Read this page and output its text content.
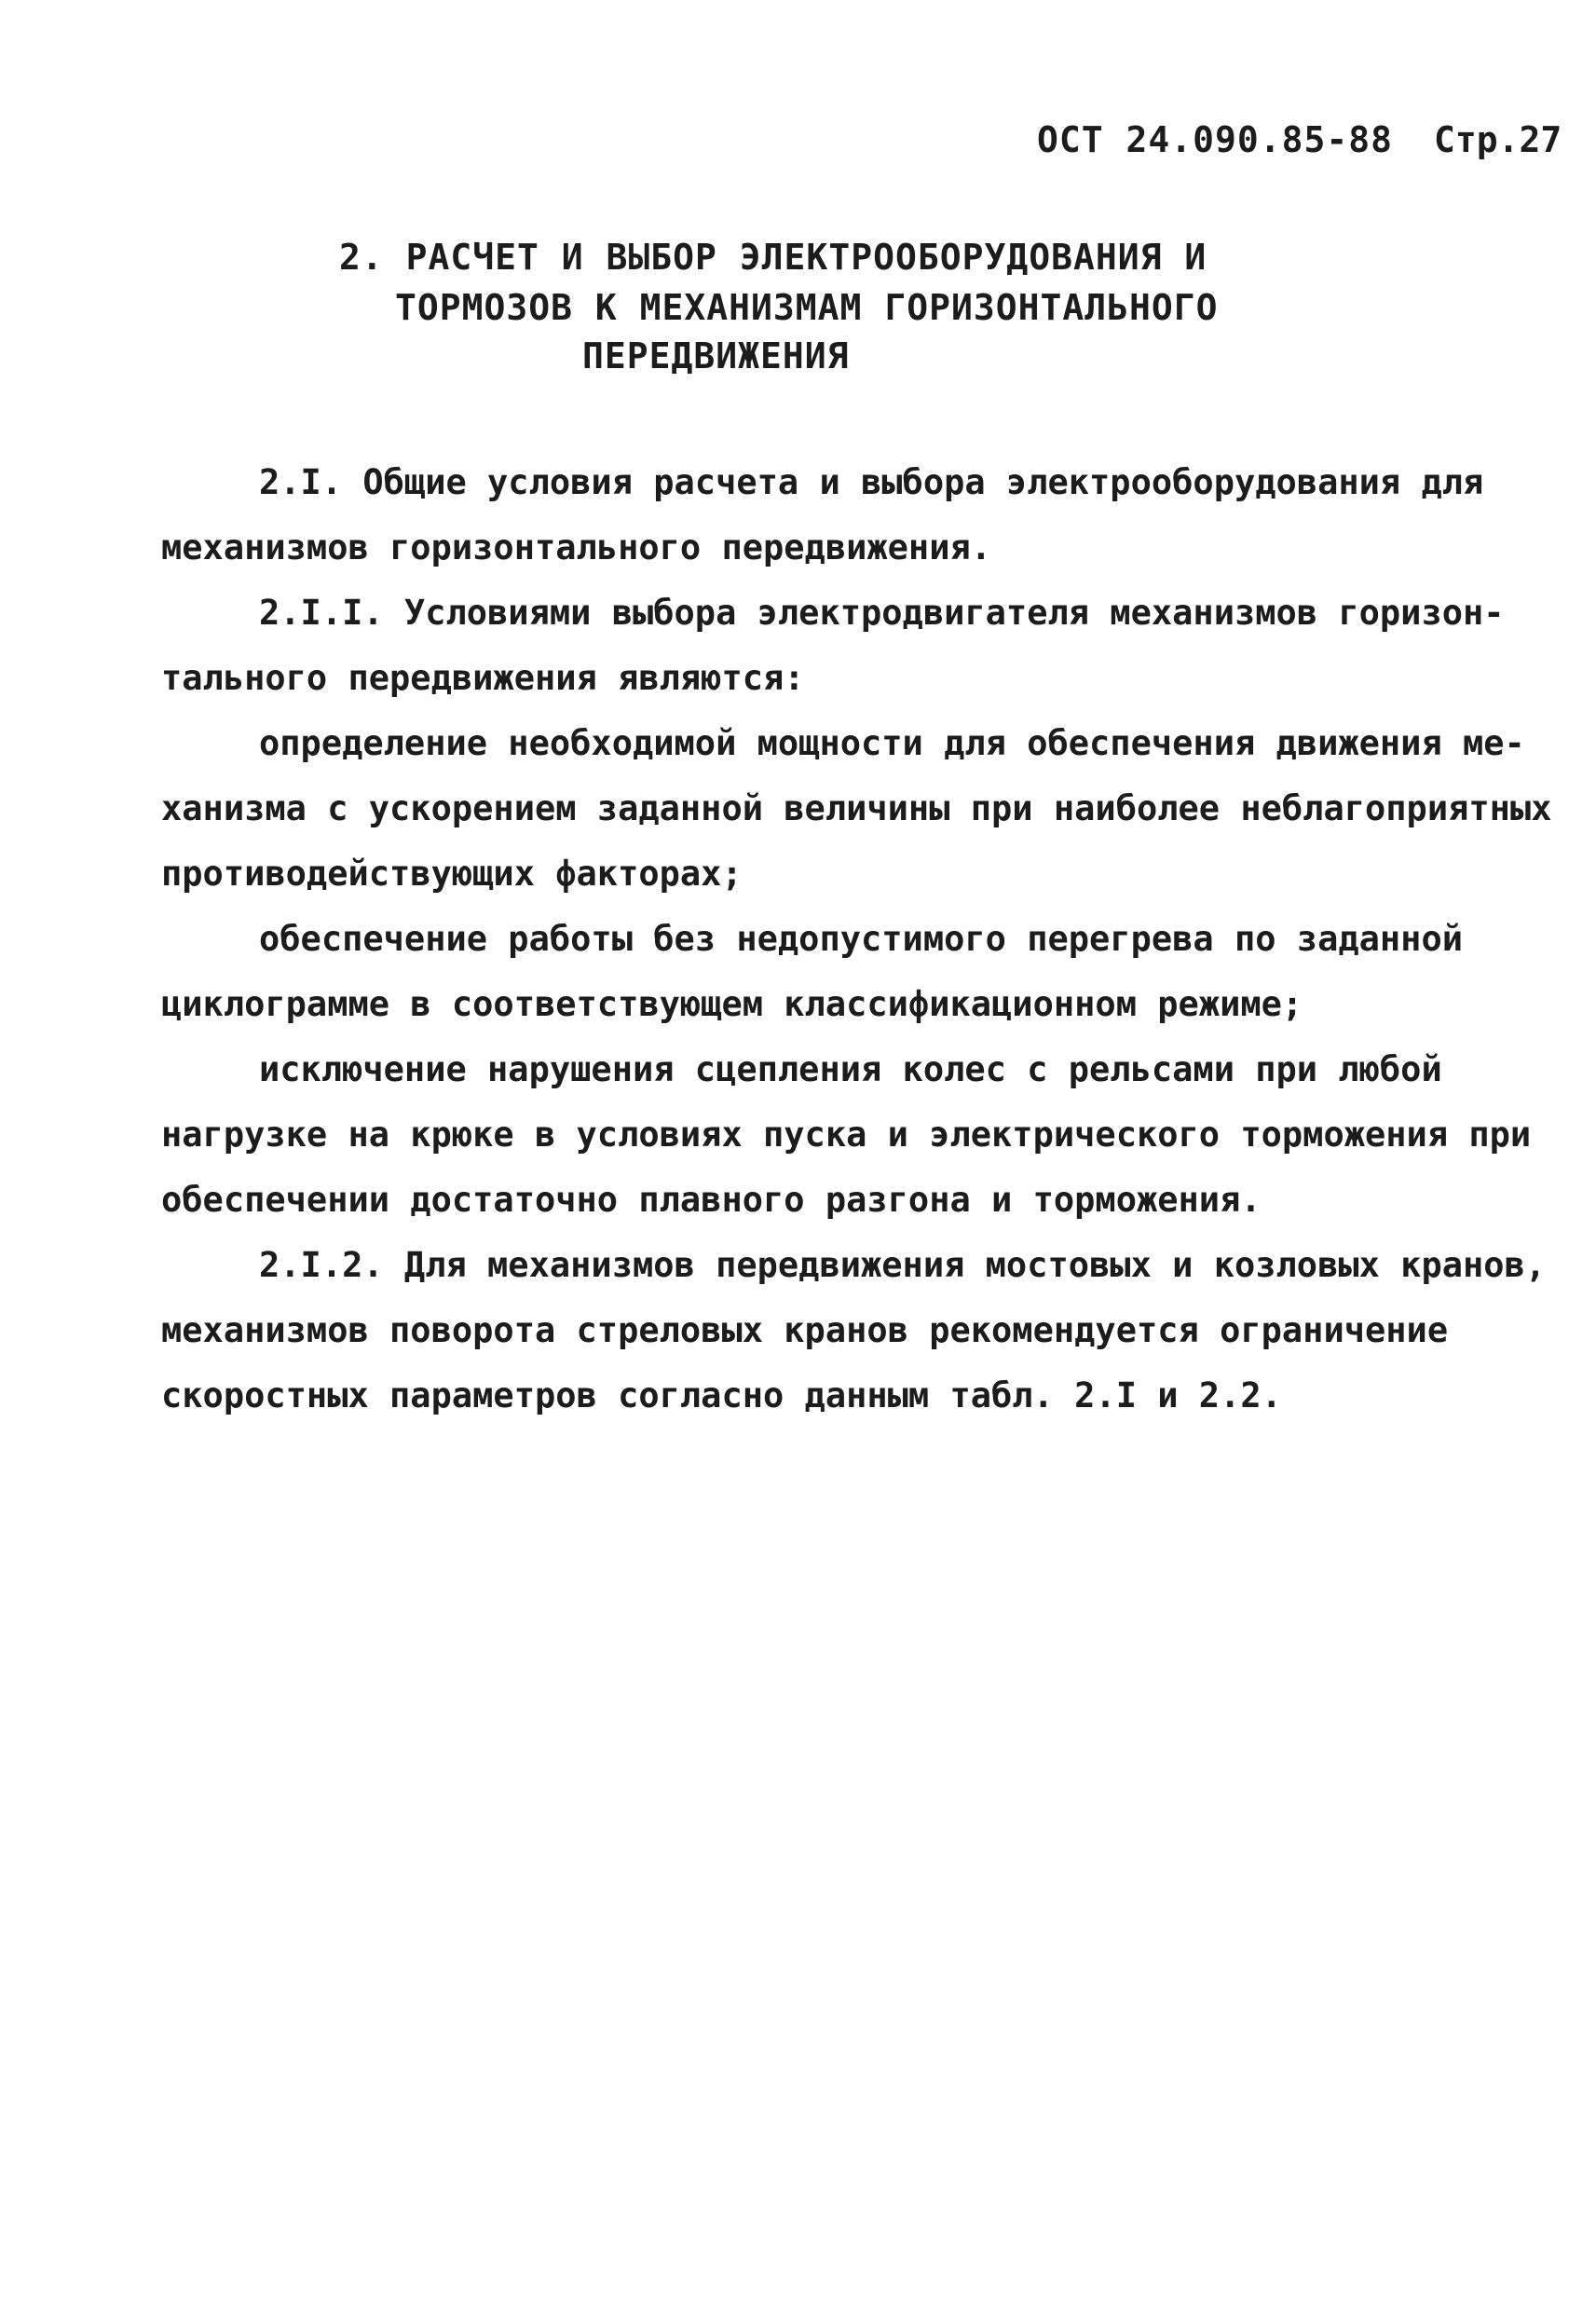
ОСТ 24.090.85-88 Стр.27
2. РАСЧЕТ И ВЫБОР ЭЛЕКТРООБОРУДОВАНИЯ И
ТОРМОЗОВ К МЕХАНИЗМАМ ГОРИЗОНТАЛЬНОГО
ПЕРЕДВИЖЕНИЯ
2.I. Общие условия расчета и выбора электрооборудования для
механизмов горизонтального передвижения.
2.I.I. Условиями выбора электродвигателя механизмов горизон-
тального передвижения являются:
определение необходимой мощности для обеспечения движения ме-
ханизма с ускорением заданной величины при наиболее неблагоприятных
противодействующих факторах;
обеспечение работы без недопустимого перегрева по заданной
циклограмме в соответствующем классификационном режиме;
исключение нарушения сцепления колес с рельсами при любой
нагрузке на крюке в условиях пуска и электрического торможения при
обеспечении достаточно плавного разгона и торможения.
2.I.2. Для механизмов передвижения мостовых и козловых кранов,
механизмов поворота стреловых кранов рекомендуется ограничение
скоростных параметров согласно данным табл. 2.I и 2.2.
